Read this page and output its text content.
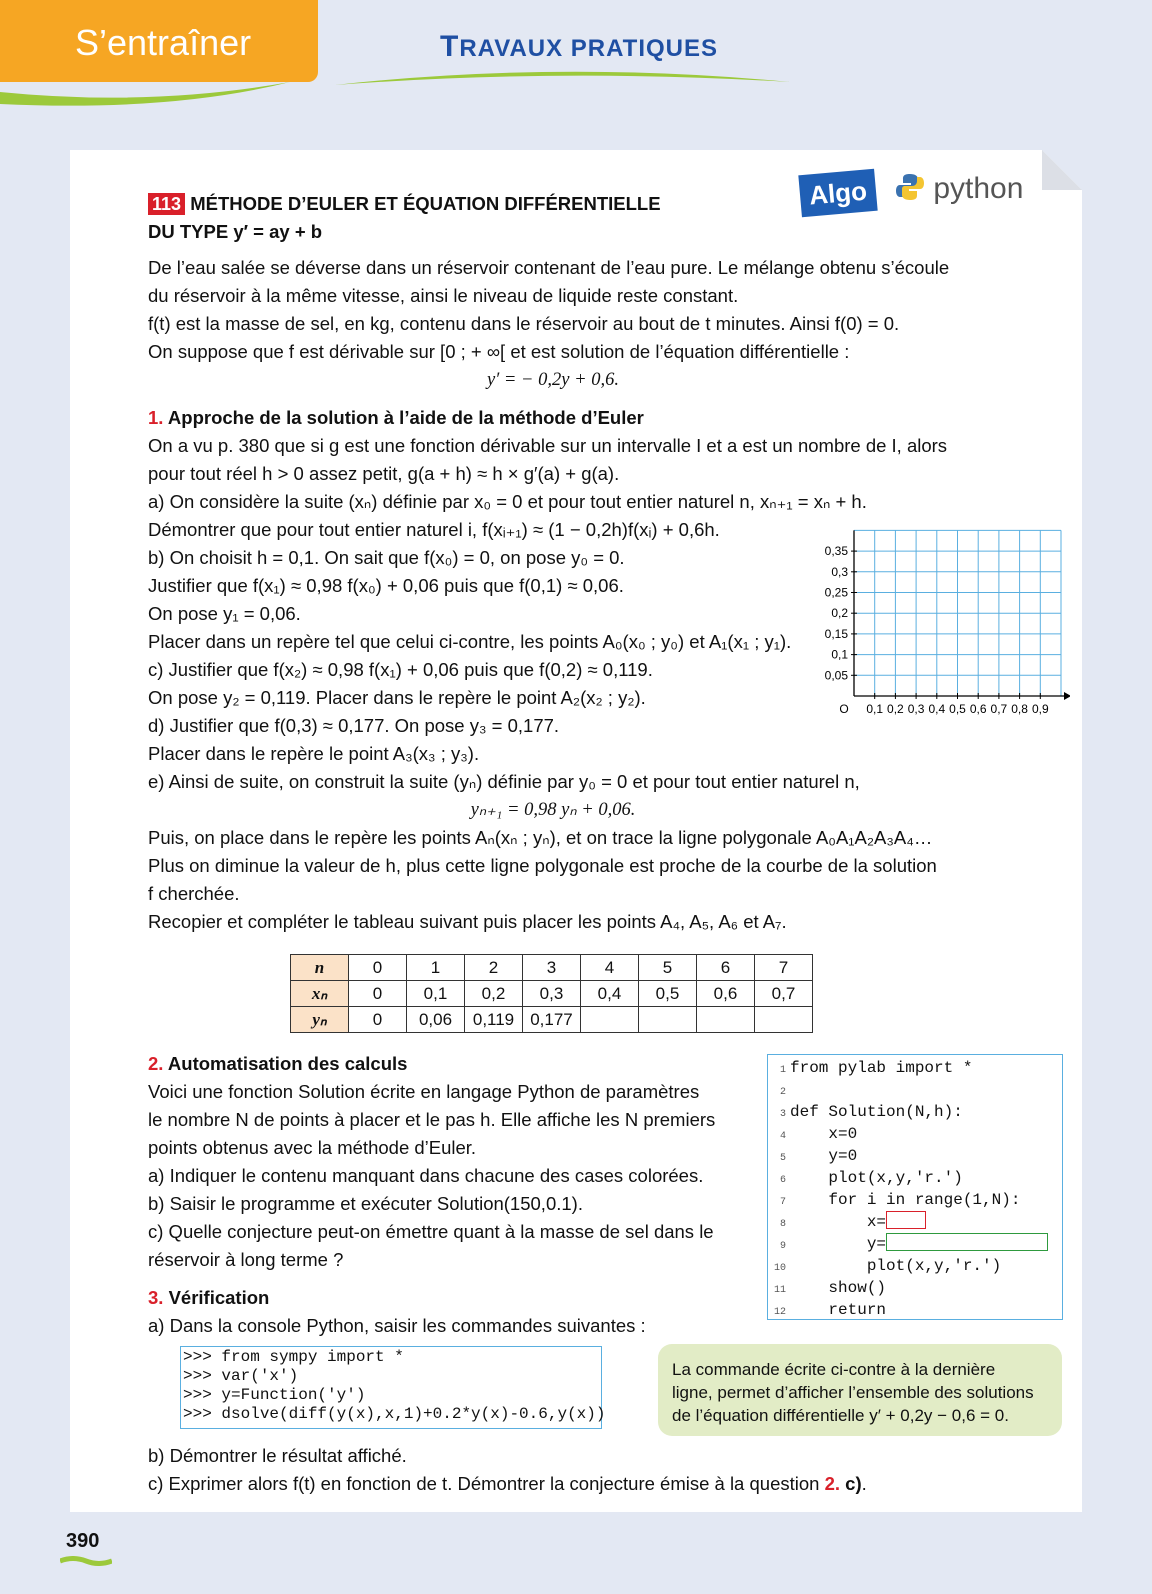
S’entraîner	TRAVAUX PRATIQUES
113 MÉTHODE D’EULER ET ÉQUATION DIFFÉRENTIELLE
DU TYPE y′ = ay + b
Algo	python
De l’eau salée se déverse dans un réservoir contenant de l’eau pure. Le mélange obtenu s’écoule
du réservoir à la même vitesse, ainsi le niveau de liquide reste constant.
f(t) est la masse de sel, en kg, contenu dans le réservoir au bout de t minutes. Ainsi f(0) = 0.
On suppose que f est dérivable sur [0 ; + ∞[ et est solution de l’équation différentielle :
y′ = − 0,2y + 0,6.
1. Approche de la solution à l’aide de la méthode d’Euler
On a vu p. 380 que si g est une fonction dérivable sur un intervalle I et a est un nombre de I, alors
pour tout réel h > 0 assez petit, g(a + h) ≈ h × g′(a) + g(a).
a) On considère la suite (xₙ) définie par x₀ = 0 et pour tout entier naturel n, xₙ₊₁ = xₙ + h.
Démontrer que pour tout entier naturel i, f(xᵢ₊₁) ≈ (1 − 0,2h)f(xᵢ) + 0,6h.
b) On choisit h = 0,1. On sait que f(x₀) = 0, on pose y₀ = 0.
Justifier que f(x₁) ≈ 0,98 f(x₀) + 0,06 puis que f(0,1) ≈ 0,06.
On pose y₁ = 0,06.
Placer dans un repère tel que celui ci-contre, les points A₀(x₀ ; y₀) et A₁(x₁ ; y₁).
c) Justifier que f(x₂) ≈ 0,98 f(x₁) + 0,06 puis que f(0,2) ≈ 0,119.
On pose y₂ = 0,119. Placer dans le repère le point A₂(x₂ ; y₂).
d) Justifier que f(0,3) ≈ 0,177. On pose y₃ = 0,177.
Placer dans le repère le point A₃(x₃ ; y₃).
e) Ainsi de suite, on construit la suite (yₙ) définie par y₀ = 0 et pour tout entier naturel n,
yₙ₊₁ = 0,98 yₙ + 0,06.
Puis, on place dans le repère les points Aₙ(xₙ ; yₙ), et on trace la ligne polygonale A₀A₁A₂A₃A₄…
Plus on diminue la valeur de h, plus cette ligne polygonale est proche de la courbe de la solution
f cherchée.
Recopier et compléter le tableau suivant puis placer les points A₄, A₅, A₆ et A₇.
0,35
0,3
0,25
0,2
0,15
0,1
0,05
0,1 0,2 0,3 0,4 0,5 0,6 0,7 0,8 0,9
O
n	0	1	2	3	4	5	6	7
xₙ	0	0,1	0,2	0,3	0,4	0,5	0,6	0,7
yₙ	0	0,06	0,119	0,177				
2. Automatisation des calculs
Voici une fonction Solution écrite en langage Python de paramètres
le nombre N de points à placer et le pas h. Elle affiche les N premiers
points obtenus avec la méthode d’Euler.
a) Indiquer le contenu manquant dans chacune des cases colorées.
b) Saisir le programme et exécuter Solution(150,0.1).
c) Quelle conjecture peut-on émettre quant à la masse de sel dans le
réservoir à long terme ?
1 from pylab import *
2
3 def Solution(N,h):
4    x=0
5    y=0
6    plot(x,y,'r.')
7    for i in range(1,N):
8        x=
9        y=
10        plot(x,y,'r.')
11    show()
12    return
3. Vérification
a) Dans la console Python, saisir les commandes suivantes :
>>> from sympy import *
>>> var('x')
>>> y=Function('y')
>>> dsolve(diff(y(x),x,1)+0.2*y(x)-0.6,y(x))
La commande écrite ci-contre à la dernière
ligne, permet d’afficher l’ensemble des solutions
de l’équation différentielle y′ + 0,2y − 0,6 = 0.
b) Démontrer le résultat affiché.
c) Exprimer alors f(t) en fonction de t. Démontrer la conjecture émise à la question 2. c).
390
